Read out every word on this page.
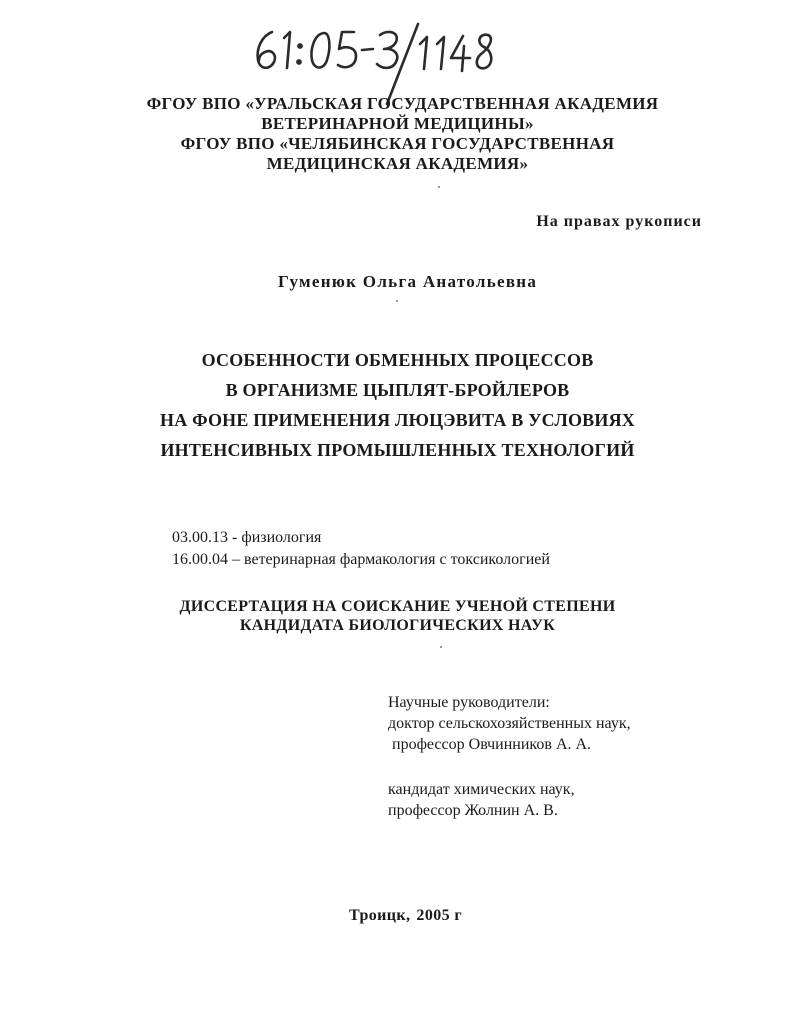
ФГОУ ВПО «УРАЛЬСКАЯ ГОСУДАРСТВЕННАЯ АКАДЕМИЯ
ВЕТЕРИНАРНОЙ МЕДИЦИНЫ»
ФГОУ ВПО «ЧЕЛЯБИНСКАЯ ГОСУДАРСТВЕННАЯ
МЕДИЦИНСКАЯ АКАДЕМИЯ»
На правах рукописи
Гуменюк Ольга Анатольевна
ОСОБЕННОСТИ ОБМЕННЫХ ПРОЦЕССОВ
В ОРГАНИЗМЕ ЦЫПЛЯТ-БРОЙЛЕРОВ
НА ФОНЕ ПРИМЕНЕНИЯ ЛЮЦЭВИТА В УСЛОВИЯХ
ИНТЕНСИВНЫХ ПРОМЫШЛЕННЫХ ТЕХНОЛОГИЙ
03.00.13 - физиология
16.00.04 – ветеринарная фармакология с токсикологией
ДИССЕРТАЦИЯ НА СОИСКАНИЕ УЧЕНОЙ СТЕПЕНИ
КАНДИДАТА БИОЛОГИЧЕСКИХ НАУК
Научные руководители:
доктор сельскохозяйственных наук,
профессор Овчинников А. А.
кандидат химических наук,
профессор Жолнин А. В.
Троицк, 2005 г
